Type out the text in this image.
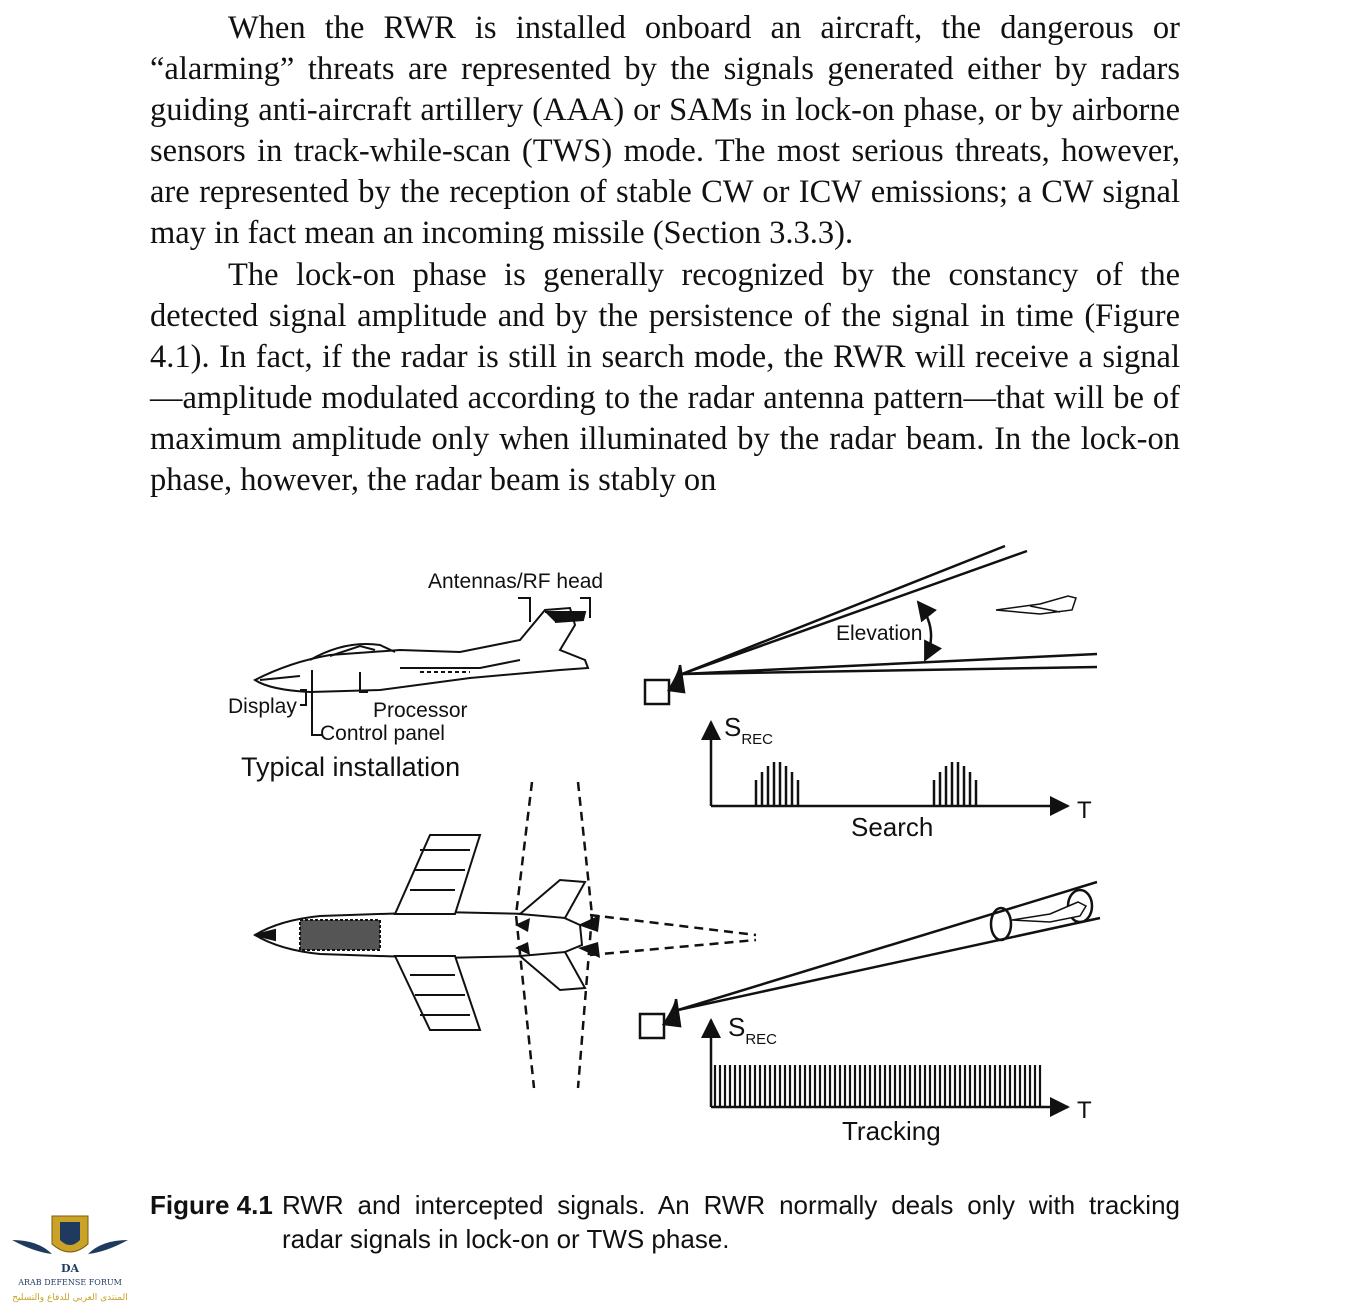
When the RWR is installed onboard an aircraft, the dangerous or “alarming” threats are represented by the signals generated either by radars guiding anti-aircraft artillery (AAA) or SAMs in lock-on phase, or by airborne sensors in track-while-scan (TWS) mode. The most serious threats, however, are represented by the reception of stable CW or ICW emissions; a CW signal may in fact mean an incoming missile (Section 3.3.3).

The lock-on phase is generally recognized by the constancy of the detected signal amplitude and by the persistence of the signal in time (Figure 4.1). In fact, if the radar is still in search mode, the RWR will receive a signal—amplitude modulated according to the radar antenna pattern—that will be of maximum amplitude only when illuminated by the radar beam. In the lock-on phase, however, the radar beam is stably on

Antennas/RF head
Display	Processor
Control panel
Typical installation
Elevation
$S_{REC}$
T
Search
$S_{REC}$
T
Tracking
Figure 4.1 RWR and intercepted signals. An RWR normally deals only with tracking radar signals in lock-on or TWS phase.
DA
ARAB DEFENSE FORUM
المنتدى العربي للدفاع والتسليح
